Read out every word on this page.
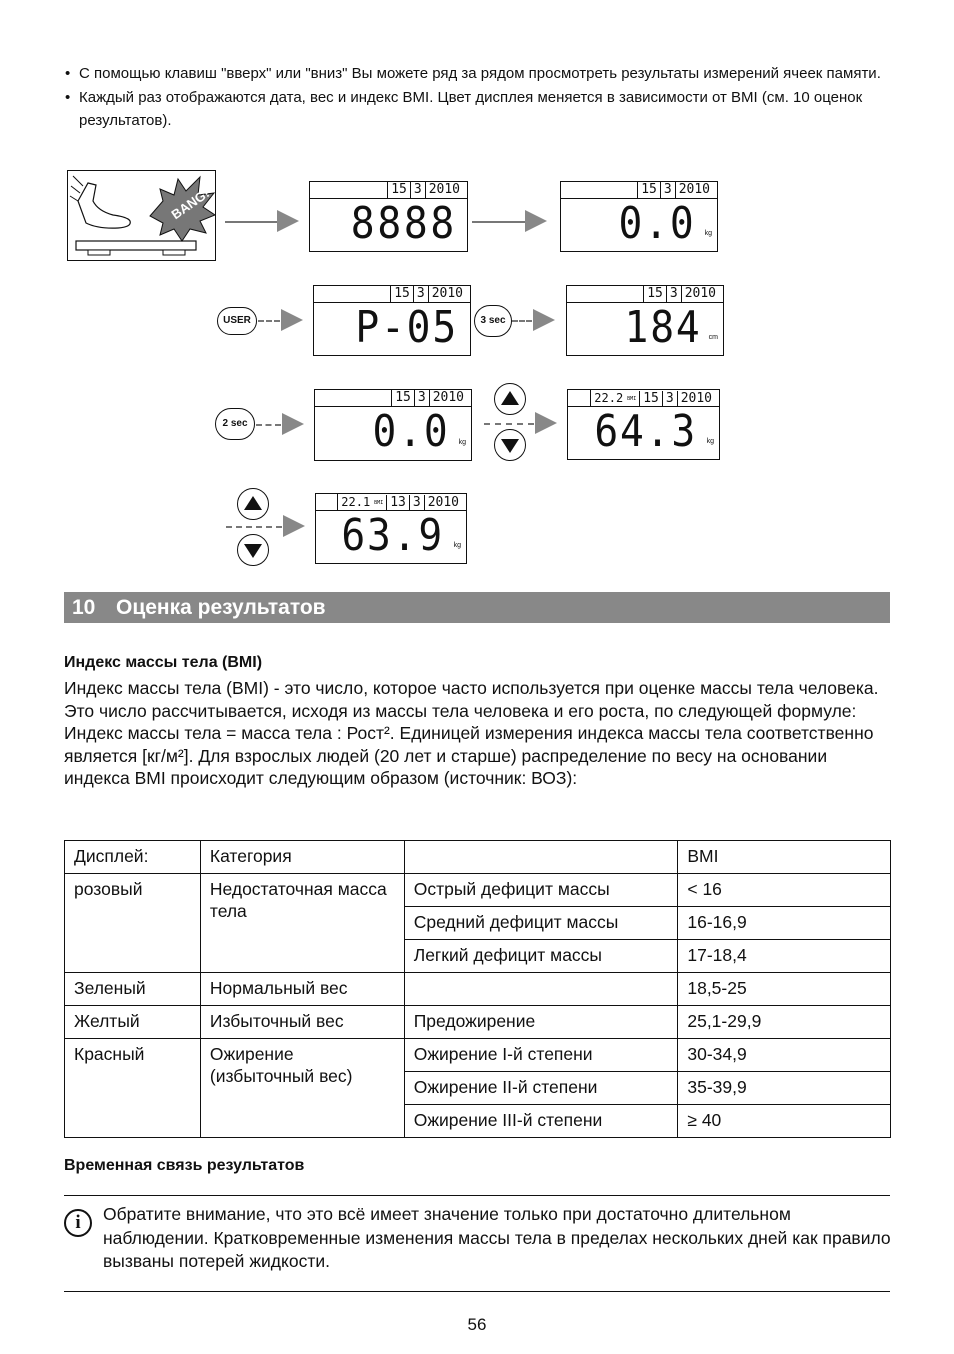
• С помощью клавиш "вверх" или "вниз" Вы можете ряд за рядом просмотреть результаты измерений ячеек памяти.
• Каждый раз отображаются дата, вес и индекс BMI. Цвет дисплея меняется в зависимости от BMI (см. 10 оценок результатов).
BANG!	15 3 2010
8888
15 3 2010
0.0 kg
USER
15 3 2010
P-05	3 sec
15 3 2010
184 cm
2 sec
15 3 2010
0.0 kg
22.2 BMI 15 3 2010
64.3 kg
22.1 BMI 13 3 2010
63.9 kg
10 Оценка результатов
Индекс массы тела (BMI)
Индекс массы тела (BMI) - это число, которое часто используется при оценке массы тела человека. Это число рассчитывается, исходя из массы тела человека и его роста, по следующей формуле: Индекс массы тела = масса тела : Рост². Единицей измерения индекса массы тела соответственно является [кг/м²]. Для взрослых людей (20 лет и старше) распределение по весу на основании индекса BMI происходит следующим образом (источник: ВОЗ):
Дисплей:	Категория		BMI
розовый	Недостаточная масса тела	Острый дефицит массы	< 16
		Средний дефицит массы	16-16,9
		Легкий дефицит массы	17-18,4
Зеленый	Нормальный вес		18,5-25
Желтый	Избыточный вес	Предожирение	25,1-29,9
Красный	Ожирение (избыточный вес)	Ожирение I-й степени	30-34,9
		Ожирение II-й степени	35-39,9
		Ожирение III-й степени	≥ 40
Временная связь результатов
i	Обратите внимание, что это всё имеет значение только при достаточно длительном наблюдении. Кратковременные изменения массы тела в пределах нескольких дней как правило вызваны потерей жидкости.
56
